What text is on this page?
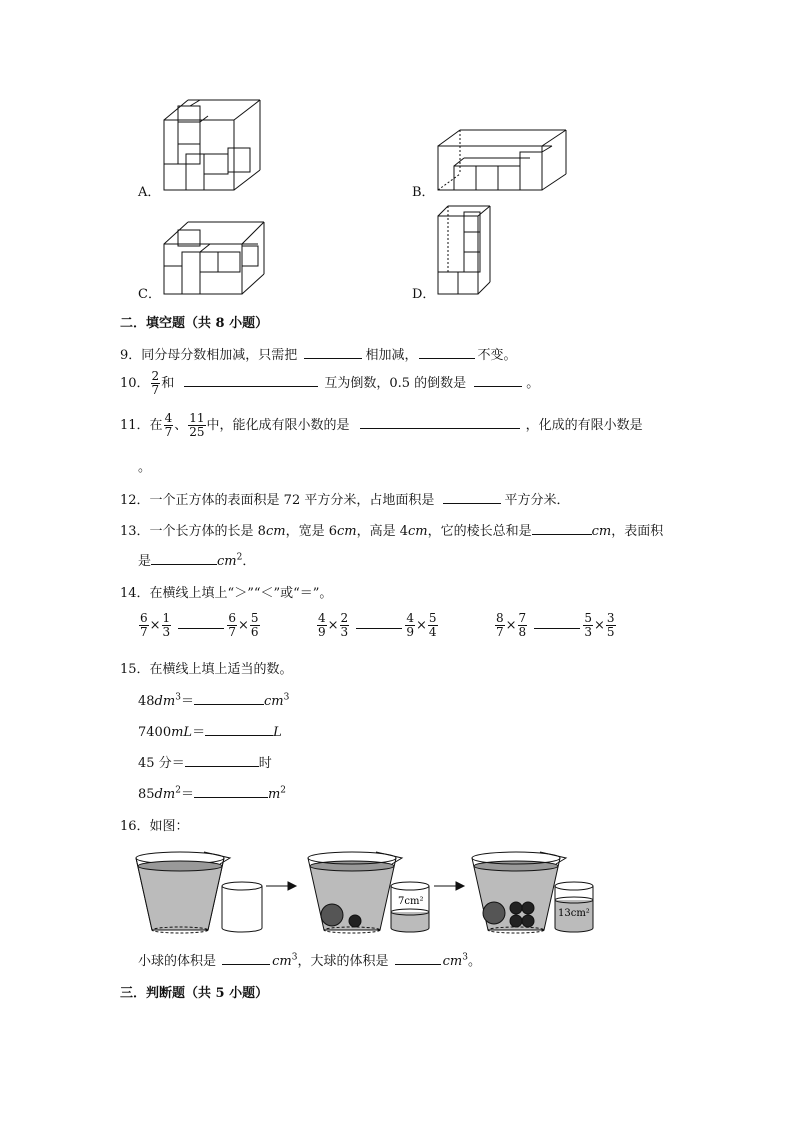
A．	B．
C．	D．
二．填空题（共 8 小题）
9．同分母分数相加减，只需把	相加减，	不变。
10． $\frac{2}{7}$ 和	互为倒数，0.5 的倒数是	。
11．在 $\frac{4}{7}$ 、 $\frac{11}{25}$ 中，能化成有限小数的是	，化成的有限小数是
。
12．一个正方体的表面积是 72 平方分米，占地面积是	平方分米．
13．一个长方体的长是 8cm，宽是 6cm，高是 4cm，它的棱长总和是	cm，表面积
是	$cm^2$．
14．在横线上填上“＞”“＜”或“＝”。
$\frac{6}{7} \times \frac{1}{3}$
	$\frac{6}{7} \times \frac{5}{6}$	$\frac{4}{9} \times \frac{2}{3}$
	$\frac{4}{9} \times \frac{5}{4}$	$\frac{8}{7} \times \frac{7}{8}$
	$\frac{5}{3} \times \frac{3}{5}$
15．在横线上填上适当的数。
$48dm^3=$	$cm^3$
7400mL＝	L
45 分＝	时
$85dm^2=$	$m^2$
16．如图：
7cm²
13cm²
小球的体积是	$cm^3$，大球的体积是	$cm^3$。
三．判断题（共 5 小题）
